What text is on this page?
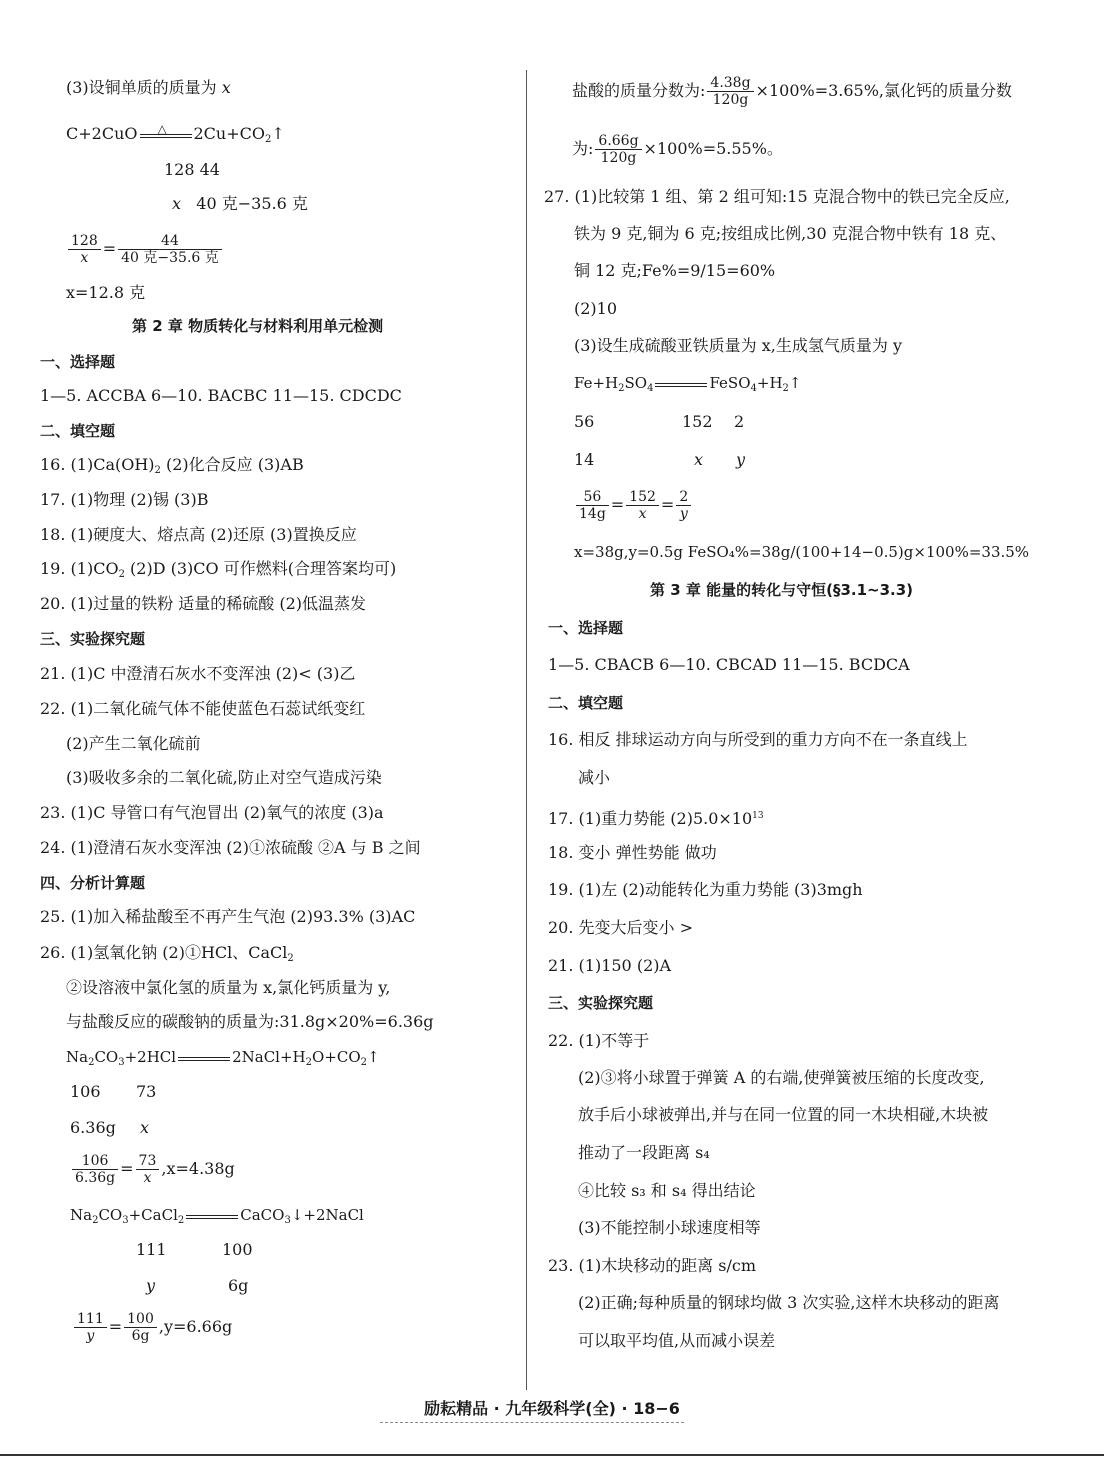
(3)设铜单质的质量为 x
C+2CuO △ $2Cu+CO_2↑$
128 44
x 40 克−35.6 克
$\frac{128}{x} = \frac{44}{\text{40 克−35.6 克}}$
x=12.8 克
第 2 章 物质转化与材料利用单元检测
一、选择题
1—5. ACCBA 6—10. BACBC 11—15. CDCDC
二、填空题
16. $(1)Ca(OH)_2$ (2)化合反应 (3)AB
17. (1)物理 (2)锡 (3)B
18. (1)硬度大、熔点高 (2)还原 (3)置换反应
19. $(1)CO_2$ (2)D (3)CO 可作燃料(合理答案均可)
20. (1)过量的铁粉 适量的稀硫酸 (2)低温蒸发
三、实验探究题
21. (1)C 中澄清石灰水不变浑浊 (2)< (3)乙
22. (1)二氧化硫气体不能使蓝色石蕊试纸变红
(2)产生二氧化硫前
(3)吸收多余的二氧化硫,防止对空气造成污染
23. (1)C 导管口有气泡冒出 (2)氧气的浓度 (3)a
24. (1)澄清石灰水变浑浊 (2)①浓硫酸 ②A 与 B 之间
四、分析计算题
25. (1)加入稀盐酸至不再产生气泡 (2)93.3% (3)AC
26. (1)氢氧化钠 (2)①HCl、CaCl$_2$
②设溶液中氯化氢的质量为 x,氯化钙质量为 y,
与盐酸反应的碳酸钠的质量为:31.8g×20%=6.36g
$Na_2CO_3+2HCl$	$2NaCl+H_2O+CO_2↑$
106 73
6.36g x
$\frac{106}{6.36g} = \frac{73}{x} ,x=4.38g$
$Na_2CO_3+CaCl_2$	CaCO$_3$↓+2NaCl
111	100
y	6g
$\frac{111}{y} = \frac{100}{6g} ,y=6.66g$
盐酸的质量分数为: $\frac{4.38g}{120g} \times 100\%=3.65\%$,氯化钙的质量分数
为: $\frac{6.66g}{120g} \times 100\%=5.55\%$。
27. (1)比较第 1 组、第 2 组可知:15 克混合物中的铁已完全反应,
铁为 9 克,铜为 6 克;按组成比例,30 克混合物中铁有 18 克、
铜 12 克;Fe%=9/15=60%
(2)10
(3)设生成硫酸亚铁质量为 x,生成氢气质量为 y
$Fe+H_2SO_4$	$FeSO_4+H_2↑$
56	152 2
14	x y
$\frac{56}{14g} = \frac{152}{x} = \frac{2}{y}$
x=38g,y=0.5g FeSO₄%=38g/(100+14−0.5)g×100%=33.5%
第 3 章 能量的转化与守恒(§3.1~3.3)
一、选择题
1—5. CBACB 6—10. CBCAD 11—15. BCDCA
二、填空题
16. 相反 排球运动方向与所受到的重力方向不在一条直线上
减小
17. (1)重力势能 $(2)5.0\times 10^{13}$
18. 变小 弹性势能 做功
19. (1)左 (2)动能转化为重力势能 (3)3mgh
20. 先变大后变小 >
21. (1)150 (2)A
三、实验探究题
22. (1)不等于
(2)③将小球置于弹簧 A 的右端,使弹簧被压缩的长度改变,
放手后小球被弹出,并与在同一位置的同一木块相碰,木块被
推动了一段距离 s₄
④比较 s₃ 和 s₄ 得出结论
(3)不能控制小球速度相等
23. (1)木块移动的距离 s/cm
(2)正确;每种质量的钢球均做 3 次实验,这样木块移动的距离
可以取平均值,从而减小误差
励耘精品 · 九年级科学(全) · 18−6
